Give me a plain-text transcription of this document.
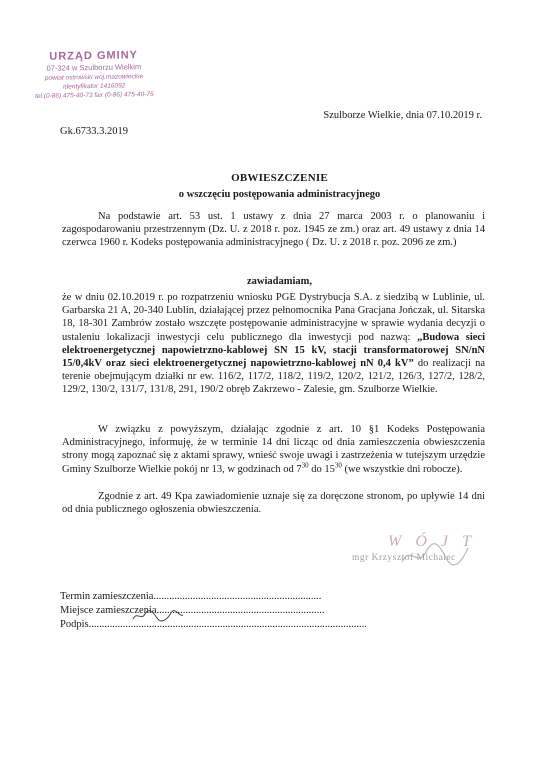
URZĄD GMINY
07-324 w Szulborzu Wielkim
powiat ostrowski woj.mazowieckie
identyfikator 1416092
tel.(0-86) 475-40-73 fax (0-86) 475-40-75
Szulborze Wielkie, dnia 07.10.2019 r.
Gk.6733.3.2019
OBWIESZCZENIE
o wszczęciu postępowania administracyjnego
Na podstawie art. 53 ust. 1 ustawy z dnia 27 marca 2003 r. o planowaniu i zagospodarowaniu przestrzennym (Dz. U. z 2018 r. poz. 1945 ze zm.) oraz art. 49 ustawy z dnia 14 czerwca 1960 r. Kodeks postępowania administracyjnego ( Dz. U. z 2018 r. poz. 2096 ze zm.)
zawiadamiam,
że w dniu 02.10.2019 r. po rozpatrzeniu wniosku PGE Dystrybucja S.A. z siedzibą w Lublinie, ul. Garbarska 21 A, 20-340 Lublin, działającej przez pełnomocnika Pana Gracjana Jończak, ul. Sitarska 18, 18-301 Zambrów zostało wszczęte postępowanie administracyjne w sprawie wydania decyzji o ustaleniu lokalizacji inwestycji celu publicznego dla inwestycji pod nazwą: „Budowa sieci elektroenergetycznej napowietrzno-kablowej SN 15 kV, stacji transformatorowej SN/nN 15/0,4kV oraz sieci elektroenergetycznej napowietrzno-kablowej nN 0,4 kV” do realizacji na terenie obejmującym działki nr ew. 116/2, 117/2, 118/2, 119/2, 120/2, 121/2, 126/3, 127/2, 128/2, 129/2, 130/2, 131/7, 131/8, 291, 190/2 obręb Zakrzewo - Zalesie, gm. Szulborze Wielkie.
W związku z powyższym, działając zgodnie z art. 10 §1 Kodeks Postępowania Administracyjnego, informuję, że w terminie 14 dni licząc od dnia zamieszczenia obwieszczenia strony mogą zapoznać się z aktami sprawy, wnieść swoje uwagi i zastrzeżenia w tutejszym urzędzie Gminy Szulborze Wielkie pokój nr 13, w godzinach od $7^{30}$ do $15^{30}$ (we wszystkie dni robocze).
Zgodnie z art. 49 Kpa zawiadomienie uznaje się za doręczone stronom, po upływie 14 dni od dnia publicznego ogłoszenia obwieszczenia.
W Ó J T
mgr Krzysztof Michalec
Termin zamieszczenia ................................................................
Miejsce zamieszczenia ................................................................
Podpis ..........................................................................................................
